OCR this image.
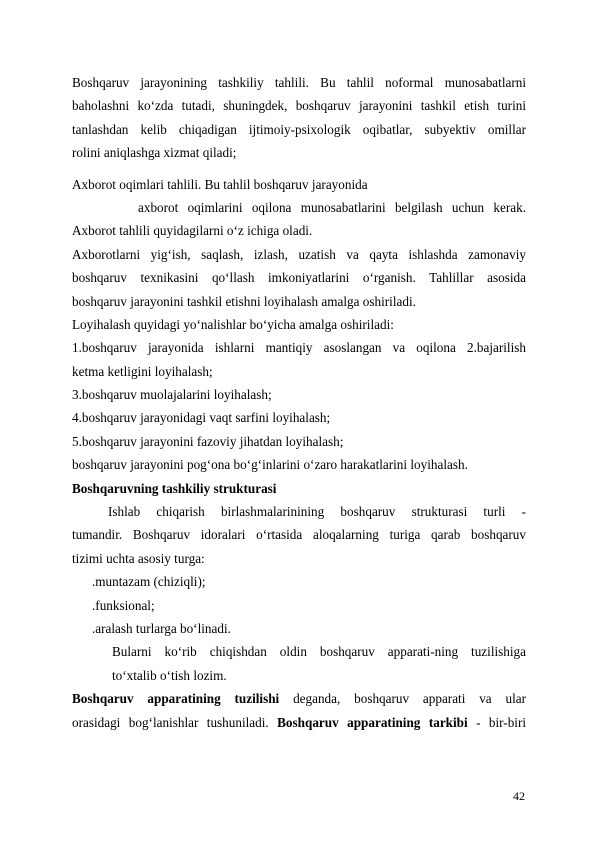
Boshqaruv jarayonining tashkiliy tahlili. Bu tahlil noformal munosabatlarni
baholashni ko‘zda tutadi, shuningdek, boshqaruv jarayonini tashkil etish turini
tanlashdan kelib chiqadigan ijtimoiy-psixologik oqibatlar, subyektiv omillar
rolini aniqlashga xizmat qiladi;
Axborot oqimlari tahlili. Bu tahlil boshqaruv jarayonida
axborot oqimlarini oqilona munosabatlarini belgilash uchun kerak.
Axborot tahlili quyidagilarni o‘z ichiga oladi.
Axborotlarni yig‘ish, saqlash, izlash, uzatish va qayta ishlashda zamonaviy
boshqaruv texnikasini qo‘llash imkoniyatlarini o‘rganish. Tahlillar asosida
boshqaruv jarayonini tashkil etishni loyihalash amalga oshiriladi.
Loyihalash quyidagi yo‘nalishlar bo‘yicha amalga oshiriladi:
1.boshqaruv jarayonida ishlarni mantiqiy asoslangan va oqilona 2.bajarilish
ketma ketligini loyihalash;
3.boshqaruv muolajalarini loyihalash;
4.boshqaruv jarayonidagi vaqt sarfini loyihalash;
5.boshqaruv jarayonini fazoviy jihatdan loyihalash;
boshqaruv jarayonini pog‘ona bo‘g‘inlarini o‘zaro harakatlarini loyihalash.
Boshqaruvning tashkiliy strukturasi
Ishlab chiqarish birlashmalarinining boshqaruv strukturasi turli -
tumandir. Boshqaruv idoralari o‘rtasida aloqalarning turiga qarab boshqaruv
tizimi uchta asosiy turga:
.muntazam (chiziqli);
.funksional;
.aralash turlarga bo‘linadi.
Bularni ko‘rib chiqishdan oldin boshqaruv apparati-ning tuzilishiga
to‘xtalib o‘tish lozim.
Boshqaruv apparatining tuzilishi deganda, boshqaruv apparati va ular
orasidagi bog‘lanishlar tushuniladi. Boshqaruv apparatining tarkibi - bir-biri
42
